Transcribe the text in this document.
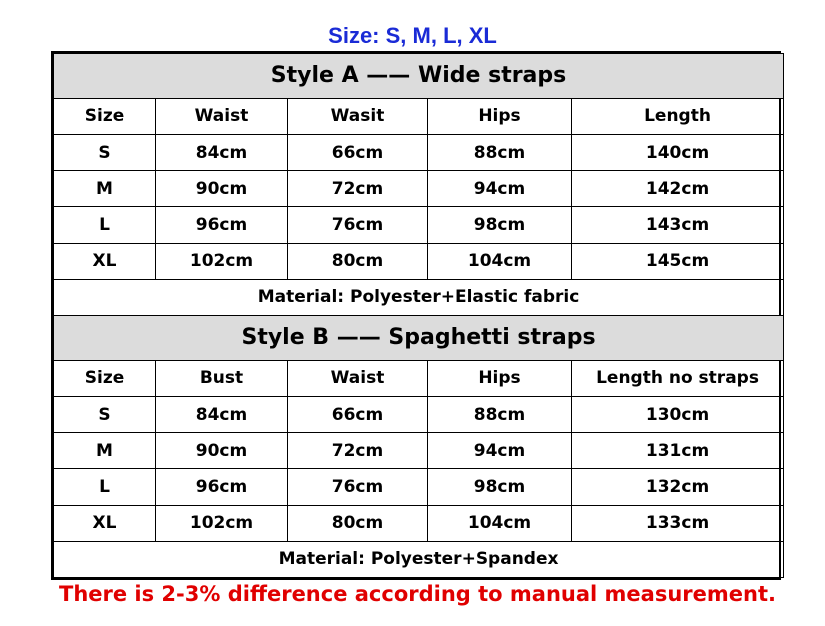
Size: S, M, L, XL
Style A —— Wide straps				
Size	Waist	Wasit	Hips	Length
S	84cm	66cm	88cm	140cm
M	90cm	72cm	94cm	142cm
L	96cm	76cm	98cm	143cm
XL	102cm	80cm	104cm	145cm
Material: Polyester+Elastic fabric				
Style B —— Spaghetti straps				
Size	Bust	Waist	Hips	Length no straps
S	84cm	66cm	88cm	130cm
M	90cm	72cm	94cm	131cm
L	96cm	76cm	98cm	132cm
XL	102cm	80cm	104cm	133cm
Material: Polyester+Spandex				
There is 2-3% difference according to manual measurement.
